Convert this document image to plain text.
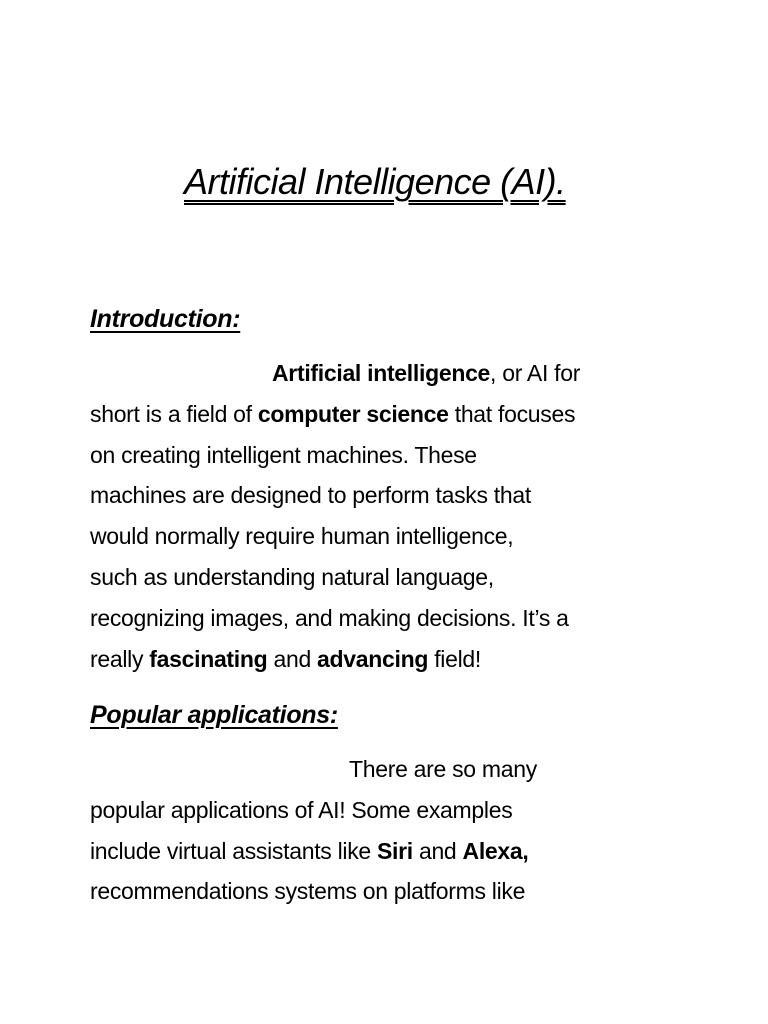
Artificial Intelligence (AI).
Introduction:

Artificial intelligence, or AI for
short is a field of computer science that focuses
on creating intelligent machines. These
machines are designed to perform tasks that
would normally require human intelligence,
such as understanding natural language,
recognizing images, and making decisions. It’s a
really fascinating and advancing field!

Popular applications:

There are so many
popular applications of AI! Some examples
include virtual assistants like Siri and Alexa,
recommendations systems on platforms like
